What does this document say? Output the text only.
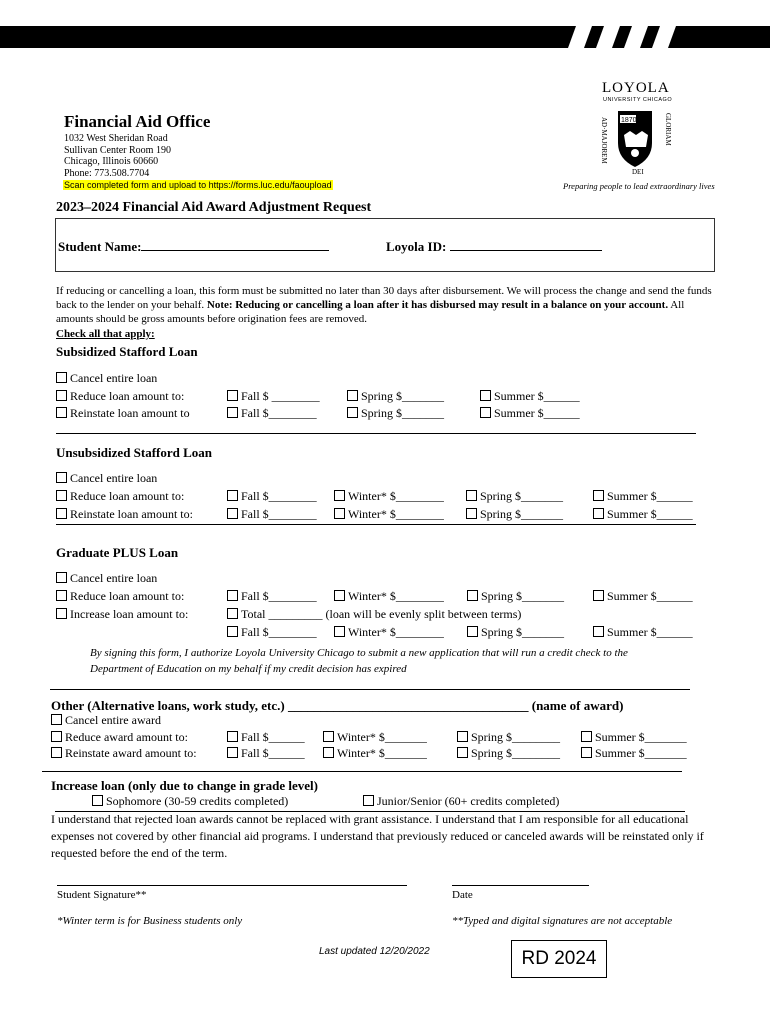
Financial Aid Office
1032 West Sheridan Road
Sullivan Center Room 190
Chicago, Illinois 60660
Phone: 773.508.7704
Scan completed form and upload to https://forms.luc.edu/faoupload
LOYOLA
UNIVERSITY CHICAGO
1870
AD·MAJOREM	GLORIAM
DEI
Preparing people to lead extraordinary lives
2023–2024 Financial Aid Award Adjustment Request
Student Name:	Loyola ID:
If reducing or cancelling a loan, this form must be submitted no later than 30 days after disbursement. We will process the change and send the funds back to the lender on your behalf. Note: Reducing or cancelling a loan after it has disbursed may result in a balance on your account. All amounts should be gross amounts before origination fees are removed.
Check all that apply:
Subsidized Stafford Loan
Cancel entire loan
Reduce loan amount to:	Fall $ ________	Spring $_______	Summer $______
Reinstate loan amount to	Fall $________	Spring $_______	Summer $______
Unsubsidized Stafford Loan
Cancel entire loan
Reduce loan amount to:	Fall $________	Winter* $________	Spring $_______	Summer $______
Reinstate loan amount to:	Fall $________	Winter* $________	Spring $_______	Summer $______
Graduate PLUS Loan
Cancel entire loan
Reduce loan amount to:	Fall $________	Winter* $________	Spring $_______	Summer $______
Increase loan amount to:	Total _________ (loan will be evenly split between terms)
Fall $________	Winter* $________	Spring $_______	Summer $______
By signing this form, I authorize Loyola University Chicago to submit a new application that will run a credit check to the
Department of Education on my behalf if my credit decision has expired
Other (Alternative loans, work study, etc.) _____________________________________ (name of award)
Cancel entire award
Reduce award amount to:	Fall $______	Winter* $_______	Spring $________	Summer $_______
Reinstate award amount to:	Fall $______	Winter* $_______	Spring $________	Summer $_______
Increase loan (only due to change in grade level)
Sophomore (30-59 credits completed)	Junior/Senior (60+ credits completed)
I understand that rejected loan awards cannot be replaced with grant assistance. I understand that I am responsible for all educational expenses not covered by other financial aid programs. I understand that previously reduced or canceled awards will be reinstated only if requested before the end of the term.
Student Signature**	Date
*Winter term is for Business students only	**Typed and digital signatures are not acceptable
Last updated 12/20/2022	RD 2024
